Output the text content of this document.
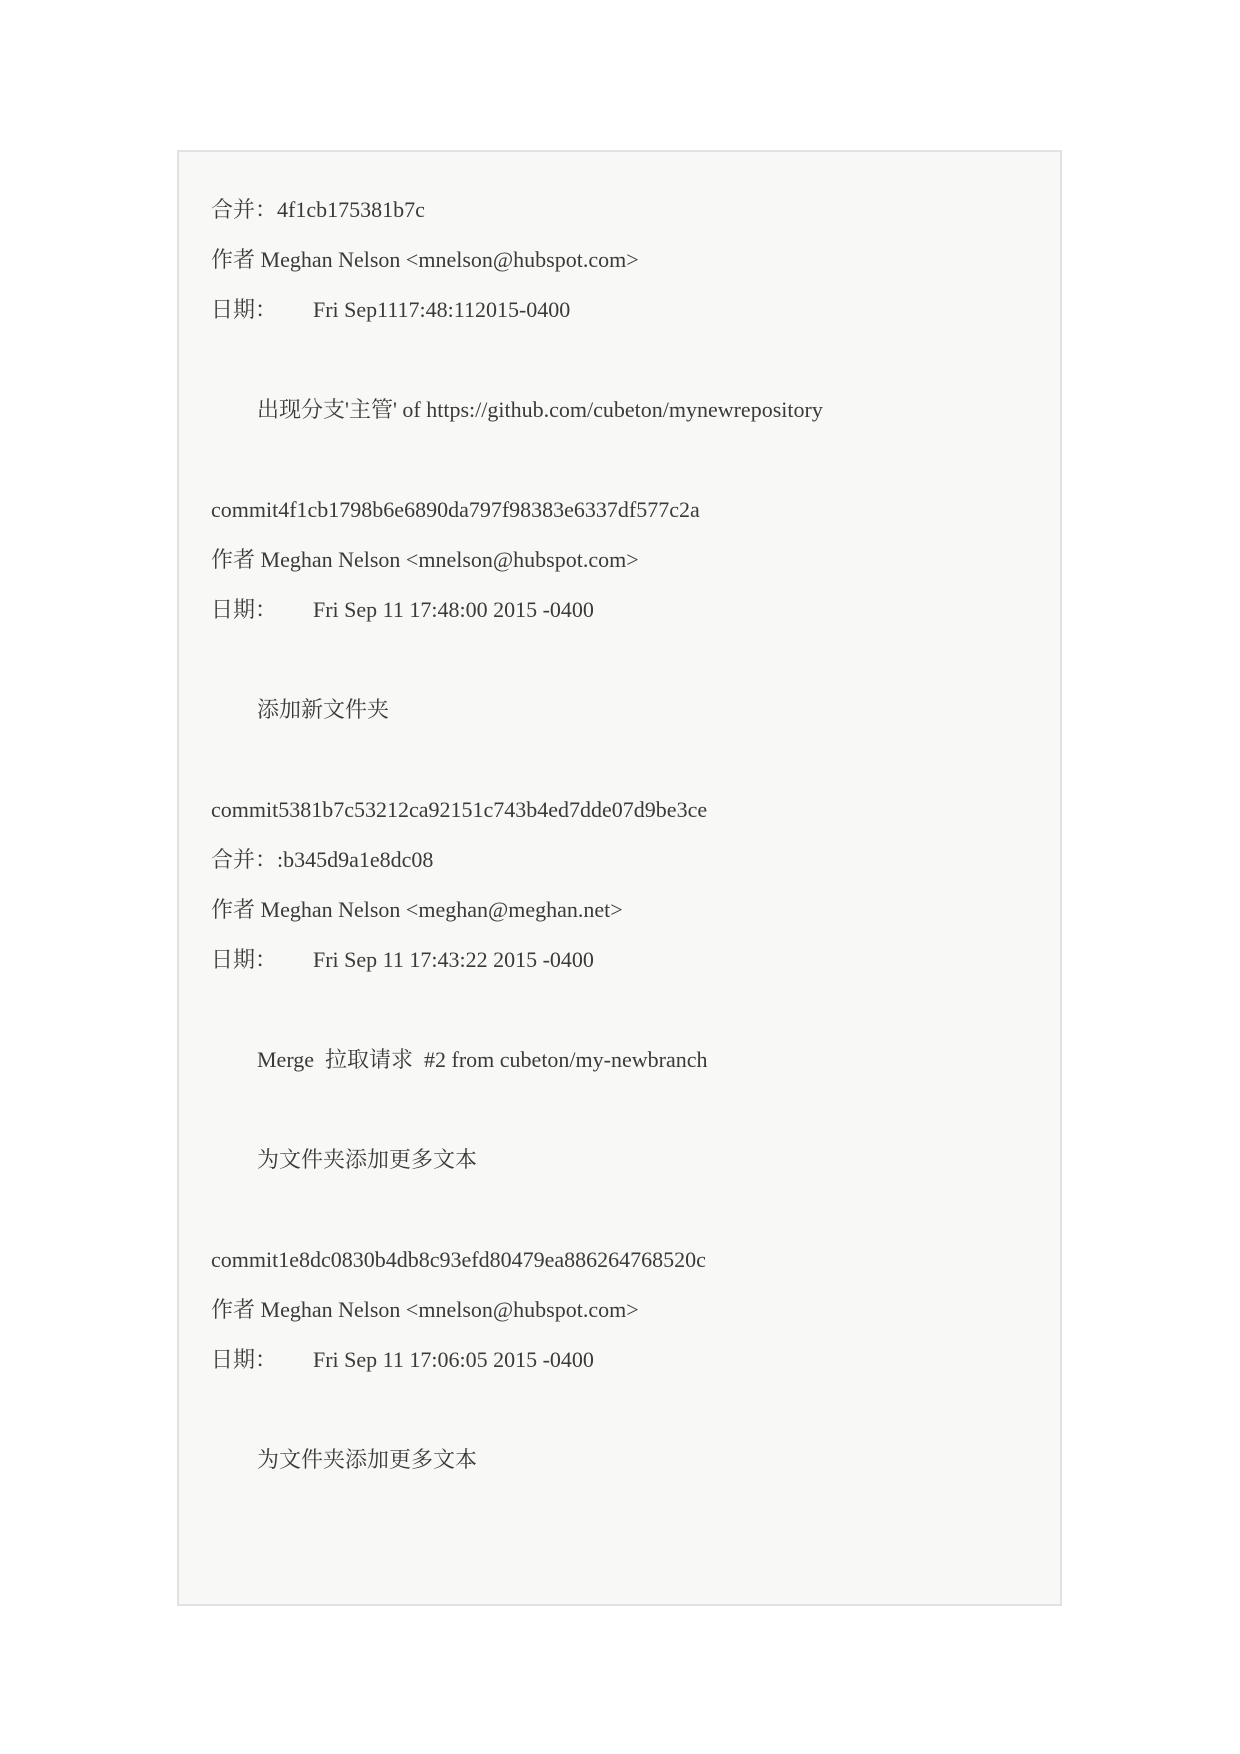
合并：4f1cb175381b7c

作者 Meghan Nelson <mnelson@hubspot.com>

日期： Fri Sep1117:48:112015-0400

出现分支'主管' of https://github.com/cubeton/mynewrepository

commit4f1cb1798b6e6890da797f98383e6337df577c2a

作者 Meghan Nelson <mnelson@hubspot.com>

日期： Fri Sep 11 17:48:00 2015 -0400

添加新文件夹

commit5381b7c53212ca92151c743b4ed7dde07d9be3ce

合并：:b345d9a1e8dc08

作者 Meghan Nelson <meghan@meghan.net>

日期： Fri Sep 11 17:43:22 2015 -0400

Merge  拉取请求  #2 from cubeton/my-newbranch

为文件夹添加更多文本

commit1e8dc0830b4db8c93efd80479ea886264768520c

作者 Meghan Nelson <mnelson@hubspot.com>

日期： Fri Sep 11 17:06:05 2015 -0400

为文件夹添加更多文本
